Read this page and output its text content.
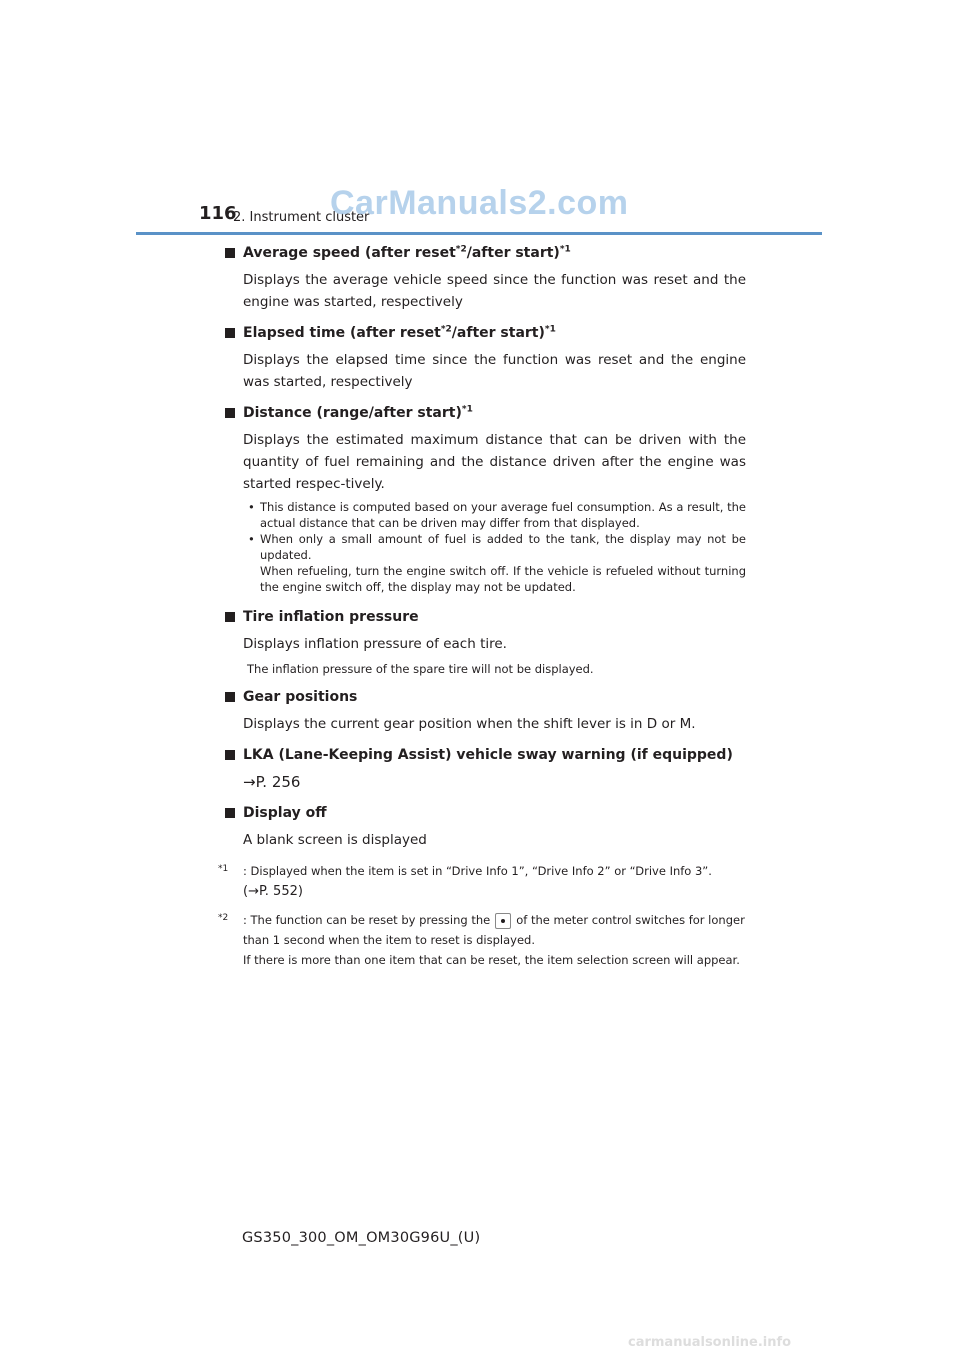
116
2. Instrument cluster
CarManuals2.com
Average speed (after reset$^{*2}$/after start)$^{*1}$
Displays the average vehicle speed since the function was reset and the engine was started, respectively
Elapsed time (after reset$^{*2}$/after start)$^{*1}$
Displays the elapsed time since the function was reset and the engine was started, respectively
Distance (range/after start)$^{*1}$
Displays the estimated maximum distance that can be driven with the quantity of fuel remaining and the distance driven after the engine was started respec-tively.
• This distance is computed based on your average fuel consumption. As a result, the actual distance that can be driven may differ from that displayed.
• When only a small amount of fuel is added to the tank, the display may not be updated.
When refueling, turn the engine switch off. If the vehicle is refueled without turning the engine switch off, the display may not be updated.
Tire inflation pressure
Displays inflation pressure of each tire.
The inflation pressure of the spare tire will not be displayed.
Gear positions
Displays the current gear position when the shift lever is in D or M.
LKA (Lane-Keeping Assist) vehicle sway warning (if equipped)
→P. 256
Display off
A blank screen is displayed
$^{*1}$ : Displayed when the item is set in “Drive Info 1”, “Drive Info 2” or “Drive Info 3”.
(→P. 552)
$^{*2}$ : The function can be reset by pressing the of the meter control switches for longer than 1 second when the item to reset is displayed.
If there is more than one item that can be reset, the item selection screen will appear.
GS350_300_OM_OM30G96U_(U)
carmanualsonline.info
